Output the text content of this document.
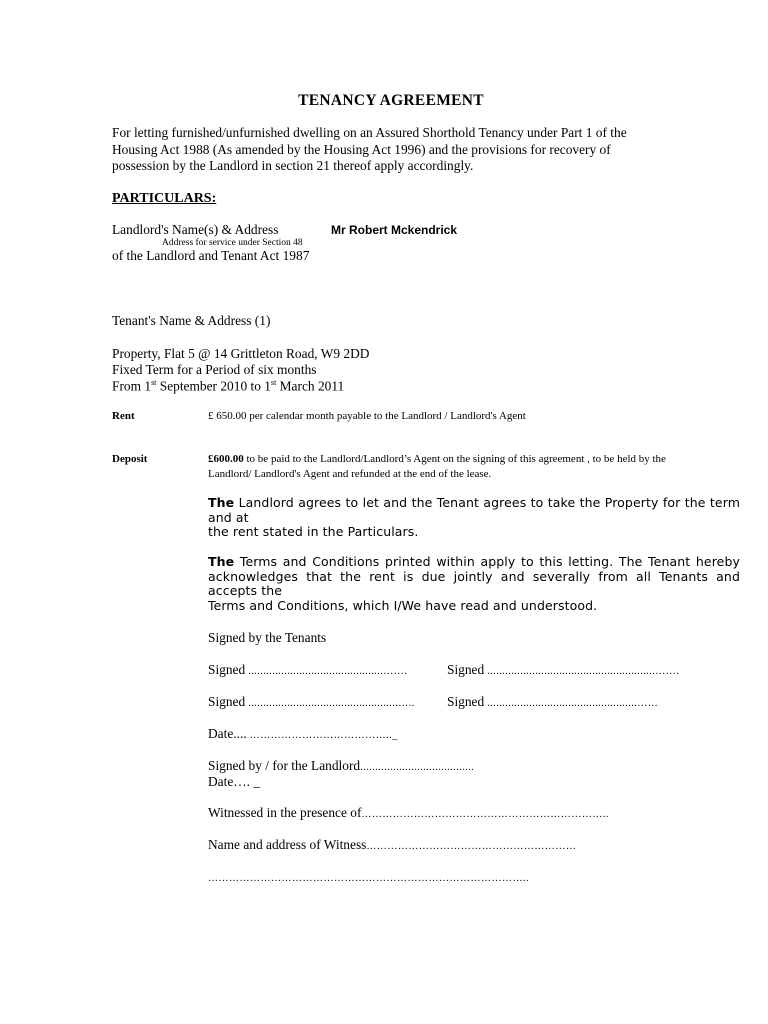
TENANCY AGREEMENT
For letting furnished/unfurnished dwelling on an Assured Shorthold Tenancy under Part 1 of the
Housing Act 1988 (As amended by the Housing Act 1996) and the provisions for recovery of
possession by the Landlord in section 21 thereof apply accordingly.
PARTICULARS:
Landlord's Name(s) & Address	Mr Robert Mckendrick
Address for service under Section 48
of the Landlord and Tenant Act 1987
Tenant's Name & Address (1)
Property, Flat 5 @ 14 Grittleton Road, W9 2DD
Fixed Term for a Period of six months
From 1st September 2010 to 1st March 2011
Rent	£ 650.00 per calendar month payable to the Landlord / Landlord's Agent
Deposit	£600.00 to be paid to the Landlord/Landlord’s Agent on the signing of this agreement , to be held by the
Landlord/ Landlord's Agent and refunded at the end of the lease.
The Landlord agrees to let and the Tenant agrees to take the Property for the term
and at
the rent stated in the Particulars.
The Terms and Conditions printed within apply to this letting. The Tenant hereby
acknowledges that the rent is due jointly and severally from all Tenants and
accepts the
Terms and Conditions, which I/We have read and understood.
Signed by the Tenants
Signed .............................................…….	Signed ........................................................…….
Signed ..................................................….. Signed ..................................................……
Date.... ………………………………….._
Signed by / for the Landlord......................................
Date…. _
Witnessed in the presence of……………………………………………………………..
Name and address of Witness……………………………………………………
………………………………………………………………………………..
